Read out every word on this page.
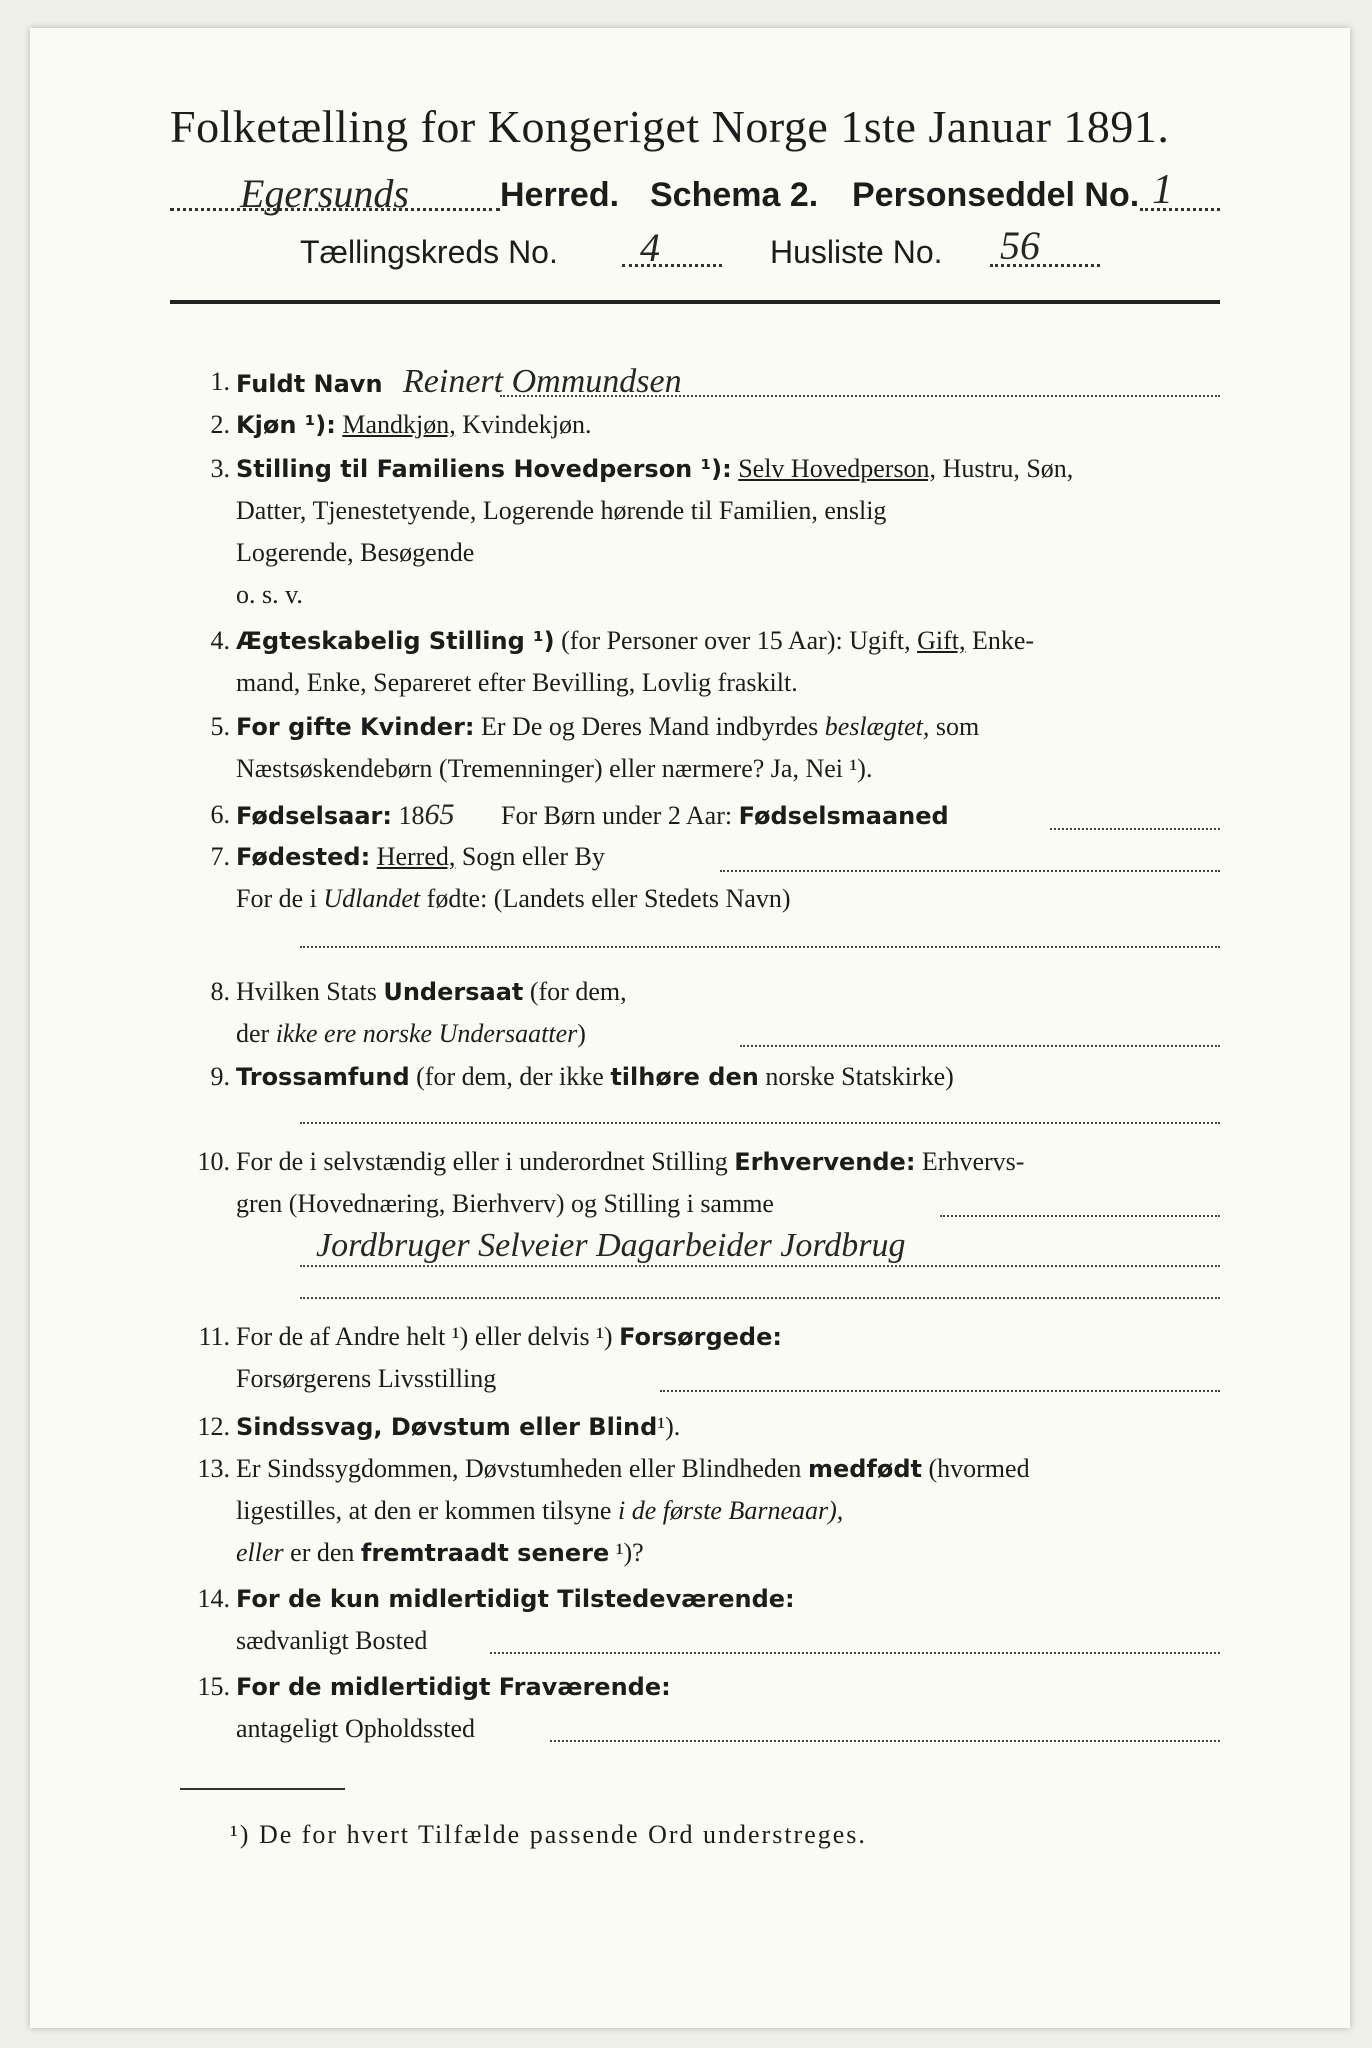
Folketælling for Kongeriget Norge 1ste Januar 1891.
Egersunds	Herred. Schema 2. Personseddel No. 1
Tællingskreds No. 4	Husliste No. 56
1. Fuldt Navn Reinert Ommundsen
2. Kjøn ¹): Mandkjøn, Kvindekjøn.
3. Stilling til Familiens Hovedperson ¹): Selv Hovedperson, Hustru, Søn,
Datter, Tjenestetyende, Logerende hørende til Familien, enslig
Logerende, Besøgende
o. s. v.
4. Ægteskabelig Stilling ¹) (for Personer over 15 Aar): Ugift, Gift, Enke-
mand, Enke, Separeret efter Bevilling, Lovlig fraskilt.
5. For gifte Kvinder: Er De og Deres Mand indbyrdes beslægtet, som
Næstsøskendebørn (Tremenninger) eller nærmere? Ja, Nei ¹).
6. Fødselsaar: 1865 For Børn under 2 Aar: Fødselsmaaned
7. Fødested: Herred, Sogn eller By
For de i Udlandet fødte: (Landets eller Stedets Navn)
8. Hvilken Stats Undersaat (for dem,
der ikke ere norske Undersaatter)
9. Trossamfund (for dem, der ikke tilhøre den norske Statskirke)
10. For de i selvstændig eller i underordnet Stilling Erhvervende: Erhvervs-
gren (Hovednæring, Bierhverv) og Stilling i samme
Jordbruger Selveier Dagarbeider Jordbrug
11. For de af Andre helt ¹) eller delvis ¹) Forsørgede:
Forsørgerens Livsstilling
12. Sindssvag, Døvstum eller Blind¹).
13. Er Sindssygdommen, Døvstumheden eller Blindheden medfødt (hvormed
ligestilles, at den er kommen tilsyne i de første Barneaar),
eller er den fremtraadt senere ¹)?
14. For de kun midlertidigt Tilstedeværende:
sædvanligt Bosted
15. For de midlertidigt Fraværende:
antageligt Opholdssted
¹) De for hvert Tilfælde passende Ord understreges.
